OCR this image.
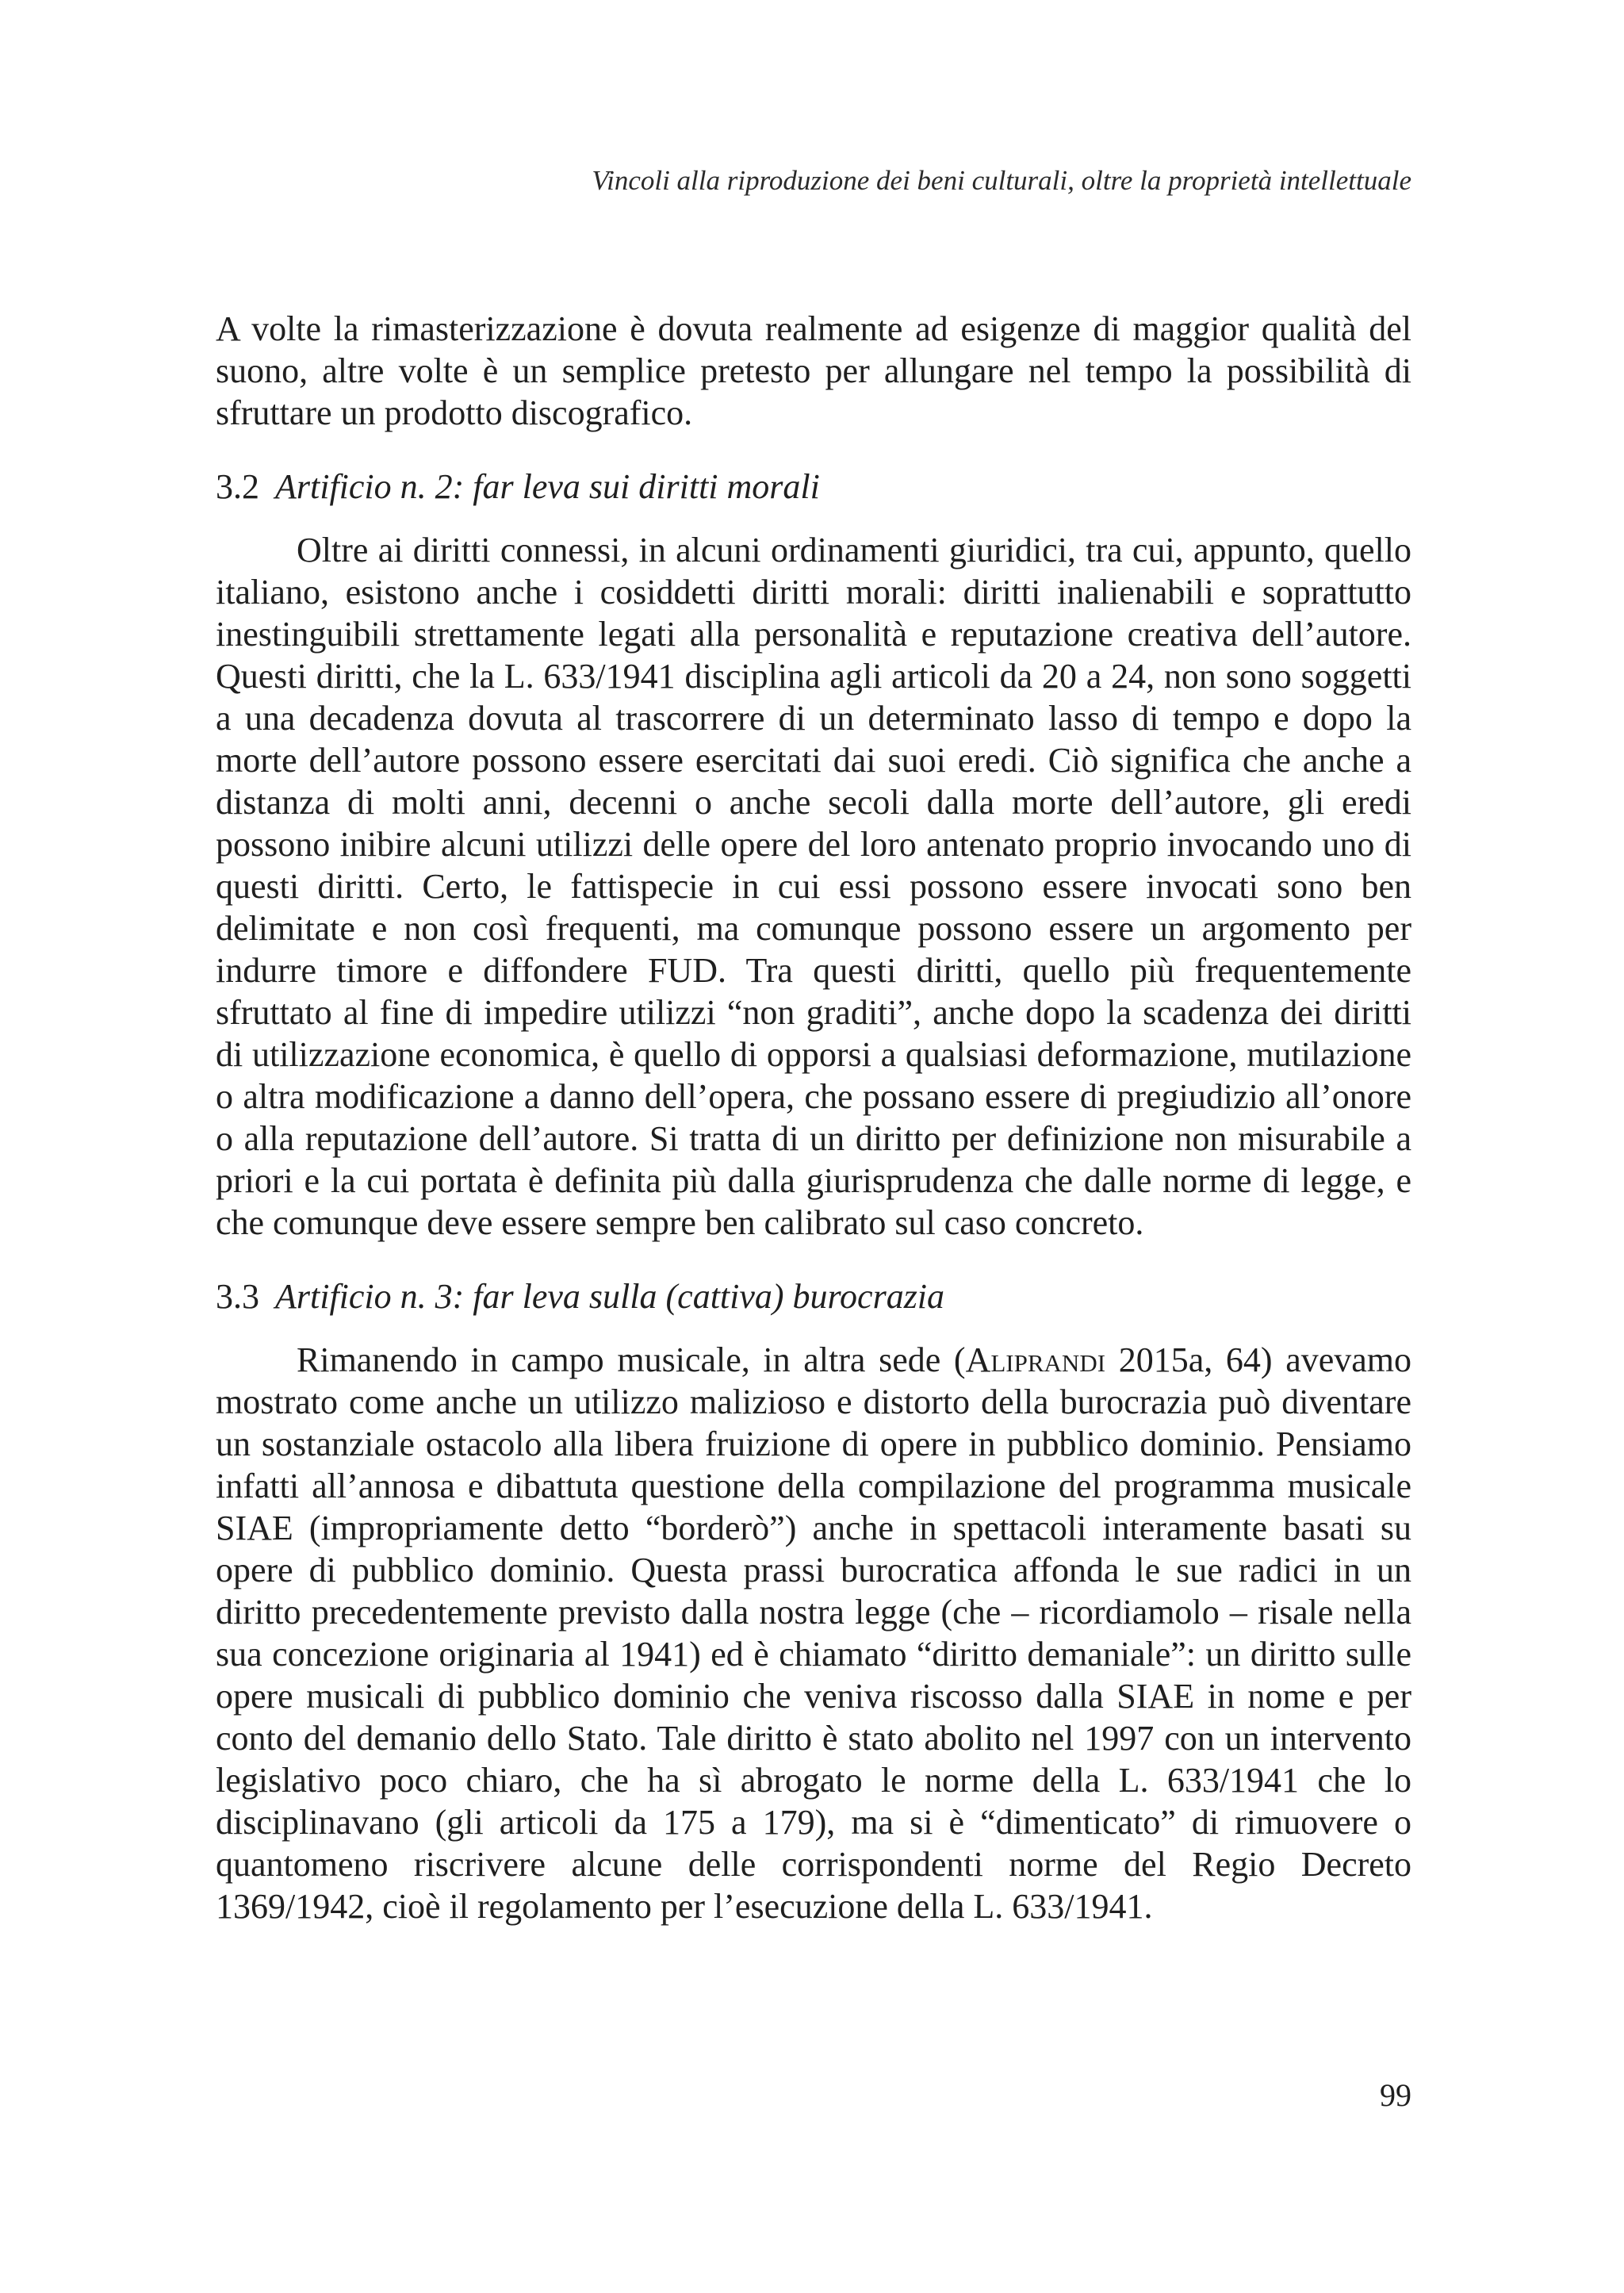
Vincoli alla riproduzione dei beni culturali, oltre la proprietà intellettuale

A volte la rimasterizzazione è dovuta realmente ad esigenze di maggior qualità del suono, altre volte è un semplice pretesto per allungare nel tempo la possibilità di sfruttare un prodotto discografico.

3.2 Artificio n. 2: far leva sui diritti morali

Oltre ai diritti connessi, in alcuni ordinamenti giuridici, tra cui, appunto, quello italiano, esistono anche i cosiddetti diritti morali: diritti inalienabili e soprattutto inestinguibili strettamente legati alla personalità e reputazione creativa dell’autore. Questi diritti, che la L. 633/1941 disciplina agli articoli da 20 a 24, non sono soggetti a una decadenza dovuta al trascorrere di un determinato lasso di tempo e dopo la morte dell’autore possono essere esercitati dai suoi eredi. Ciò significa che anche a distanza di molti anni, decenni o anche secoli dalla morte dell’autore, gli eredi possono inibire alcuni utilizzi delle opere del loro antenato proprio invocando uno di questi diritti. Certo, le fattispecie in cui essi possono essere invocati sono ben delimitate e non così frequenti, ma comunque possono essere un argomento per indurre timore e diffondere FUD. Tra questi diritti, quello più frequentemente sfruttato al fine di impedire utilizzi “non graditi”, anche dopo la scadenza dei diritti di utilizzazione economica, è quello di opporsi a qualsiasi deformazione, mutilazione o altra modificazione a danno dell’opera, che possano essere di pregiudizio all’onore o alla reputazione dell’autore. Si tratta di un diritto per definizione non misurabile a priori e la cui portata è definita più dalla giurisprudenza che dalle norme di legge, e che comunque deve essere sempre ben calibrato sul caso concreto.

3.3 Artificio n. 3: far leva sulla (cattiva) burocrazia

Rimanendo in campo musicale, in altra sede (Aliprandi 2015a, 64) avevamo mostrato come anche un utilizzo malizioso e distorto della burocrazia può diventare un sostanziale ostacolo alla libera fruizione di opere in pubblico dominio. Pensiamo infatti all’annosa e dibattuta questione della compilazione del programma musicale SIAE (impropriamente detto “borderò”) anche in spettacoli interamente basati su opere di pubblico dominio. Questa prassi burocratica affonda le sue radici in un diritto precedentemente previsto dalla nostra legge (che – ricordiamolo – risale nella sua concezione originaria al 1941) ed è chiamato “diritto demaniale”: un diritto sulle opere musicali di pubblico dominio che veniva riscosso dalla SIAE in nome e per conto del demanio dello Stato. Tale diritto è stato abolito nel 1997 con un intervento legislativo poco chiaro, che ha sì abrogato le norme della L. 633/1941 che lo disciplinavano (gli articoli da 175 a 179), ma si è “dimenticato” di rimuovere o quantomeno riscrivere alcune delle corrispondenti norme del Regio Decreto 1369/1942, cioè il regolamento per l’esecuzione della L. 633/1941.

99
